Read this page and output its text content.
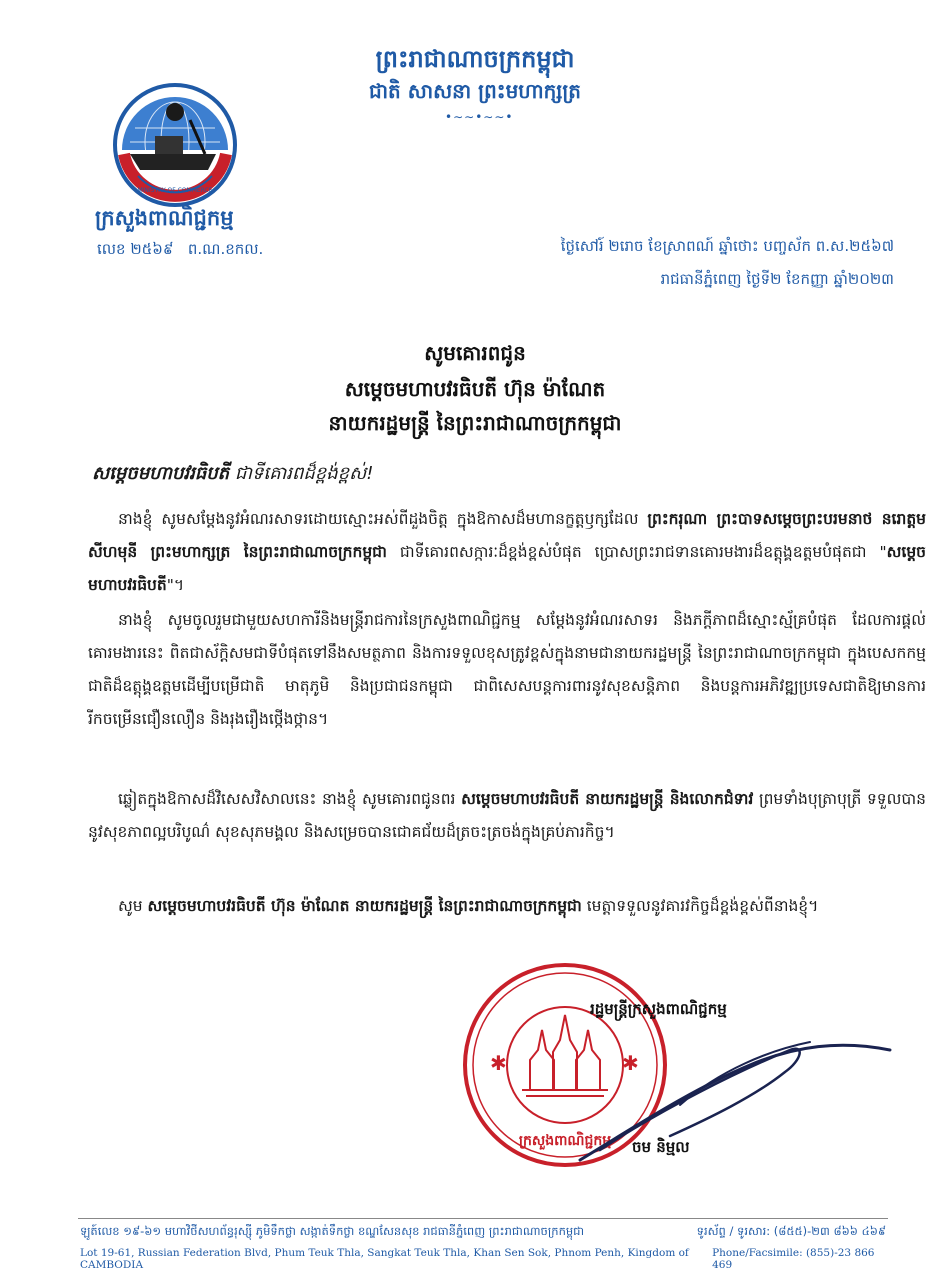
ព្រះរាជាណាចក្រកម្ពុជា
ជាតិ សាសនា ព្រះមហាក្សត្រ
•∼∼•∼∼•
MINISTRY OF COMMERCE
ក្រសួងពាណិជ្ជកម្ម
លេខ ២៥៦៩   ព.ណ.ខកល.	ថ្ងៃសៅរ៍ ២រោច ខែស្រាពណ៍ ឆ្នាំថោះ បញ្ចស័ក ព.ស.២៥៦៧
រាជធានីភ្នំពេញ ថ្ងៃទី២ ខែកញ្ញា ឆ្នាំ២០២៣
សូមគោរពជូន
សម្តេចមហាបវរធិបតី ហ៊ុន ម៉ាណែត
នាយករដ្ឋមន្ត្រី នៃព្រះរាជាណាចក្រកម្ពុជា
សម្តេចមហាបវរធិបតី ជាទីគោរពដ៏ខ្ពង់ខ្ពស់!
នាងខ្ញុំ សូមសម្តែងនូវអំណរសាទរដោយស្មោះអស់ពីដួងចិត្ត ក្នុងឱកាសដ៏មហានក្ខត្តឫក្សដែល ព្រះករុណា ព្រះបាទសម្តេចព្រះបរមនាថ នរោត្តម សីហមុនី ព្រះមហាក្សត្រ នៃព្រះរាជាណាចក្រកម្ពុជា ជាទីគោរពសក្ការៈដ៏ខ្ពង់ខ្ពស់បំផុត ប្រោសព្រះរាជទានគោរមងារដ៏ឧត្តុង្គឧត្តមបំផុតជា "សម្តេចមហាបវរធិបតី"។
នាងខ្ញុំ សូមចូលរួមជាមួយសហការីនិងមន្ត្រីរាជការនៃក្រសួងពាណិជ្ជកម្ម សម្តែងនូវអំណរសាទរ និងភក្តីភាពដ៏ស្មោះស្ម័គ្របំផុត ដែលការផ្តល់គោរមងារនេះ ពិតជាស័ក្តិសមជាទីបំផុតទៅនឹងសមត្ថភាព និងការទទួលខុសត្រូវខ្ពស់ក្នុងនាមជានាយករដ្ឋមន្ត្រី នៃព្រះរាជាណាចក្រកម្ពុជា ក្នុងបេសកកម្មជាតិដ៏ឧត្តុង្គឧត្តមដើម្បីបម្រើជាតិ មាតុភូមិ និងប្រជាជនកម្ពុជា ជាពិសេសបន្តការពារនូវសុខសន្តិភាព និងបន្តការអភិវឌ្ឍប្រទេសជាតិឱ្យមានការរីកចម្រើនជឿនលឿន និងរុងរឿងថ្កើងថ្កាន។
ឆ្លៀតក្នុងឱកាសដ៏វិសេសវិសាលនេះ នាងខ្ញុំ សូមគោរពជូនពរ សម្តេចមហាបវរធិបតី នាយករដ្ឋមន្ត្រី និងលោកជំទាវ ព្រមទាំងបុត្រាបុត្រី ទទួលបាននូវសុខភាពល្អបរិបូណ៌ សុខសុភមង្គល និងសម្រេចបានជោគជ័យដ៏ត្រចះត្រចង់ក្នុងគ្រប់ភារកិច្ច។
សូម សម្តេចមហាបវរធិបតី ហ៊ុន ម៉ាណែត នាយករដ្ឋមន្ត្រី នៃព្រះរាជាណាចក្រកម្ពុជា មេត្តាទទួលនូវគារវកិច្ចដ៏ខ្ពង់ខ្ពស់ពីនាងខ្ញុំ។
✱	✱
ក្រសួងពាណិជ្ជកម្ម
រដ្ឋមន្ត្រីក្រសួងពាណិជ្ជកម្ម
ចម និម្មល
ឡូត៍លេខ ១៩-៦១ មហាវិថីសហព័ន្ធរុស្ស៊ី ភូមិទឹកថ្លា សង្កាត់ទឹកថ្លា ខណ្ឌសែនសុខ រាជធានីភ្នំពេញ ព្រះរាជាណាចក្រកម្ពុជា	ទូរស័ព្ទ / ទូរសារ: (៨៥៥)-២៣ ៨៦៦ ៤៦៩
Lot 19-61, Russian Federation Blvd, Phum Teuk Thla, Sangkat Teuk Thla, Khan Sen Sok, Phnom Penh, Kingdom of CAMBODIA
Phone/Facsimile: (855)-23 866 469
